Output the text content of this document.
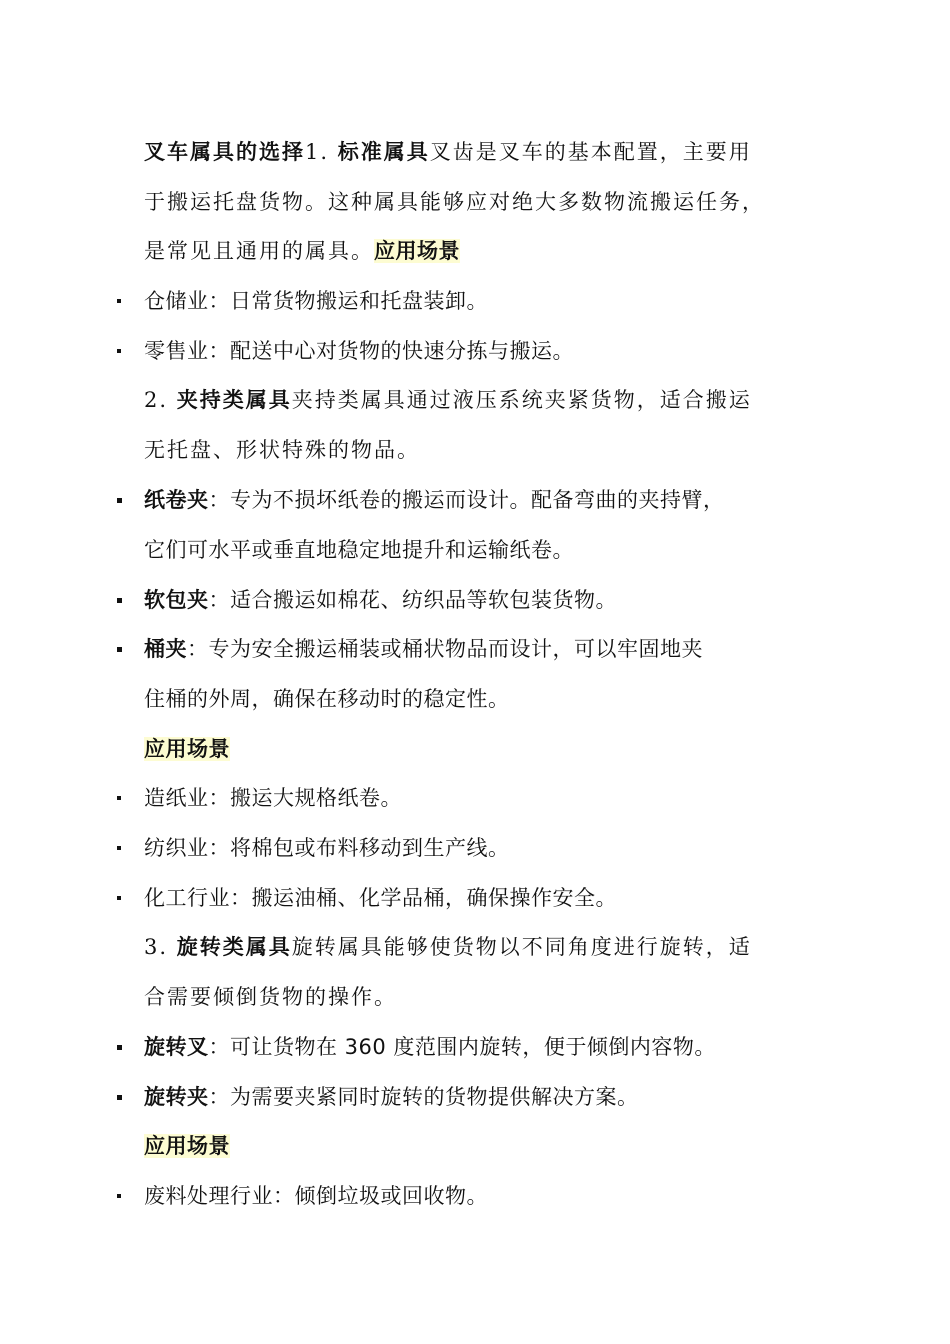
叉车属具的选择1. 标准属具叉齿是叉车的基本配置，主要用
于搬运托盘货物。这种属具能够应对绝大多数物流搬运任务，
是常见且通用的属具。应用场景
仓储业：日常货物搬运和托盘装卸。
零售业：配送中心对货物的快速分拣与搬运。
2. 夹持类属具夹持类属具通过液压系统夹紧货物，适合搬运
无托盘、形状特殊的物品。
纸卷夹：专为不损坏纸卷的搬运而设计。配备弯曲的夹持臂，
它们可水平或垂直地稳定地提升和运输纸卷。
软包夹：适合搬运如棉花、纺织品等软包装货物。
桶夹：专为安全搬运桶装或桶状物品而设计，可以牢固地夹
住桶的外周，确保在移动时的稳定性。
应用场景
造纸业：搬运大规格纸卷。
纺织业：将棉包或布料移动到生产线。
化工行业：搬运油桶、化学品桶，确保操作安全。
3. 旋转类属具旋转属具能够使货物以不同角度进行旋转，适
合需要倾倒货物的操作。
旋转叉：可让货物在 360 度范围内旋转，便于倾倒内容物。
旋转夹：为需要夹紧同时旋转的货物提供解决方案。
应用场景
废料处理行业：倾倒垃圾或回收物。
